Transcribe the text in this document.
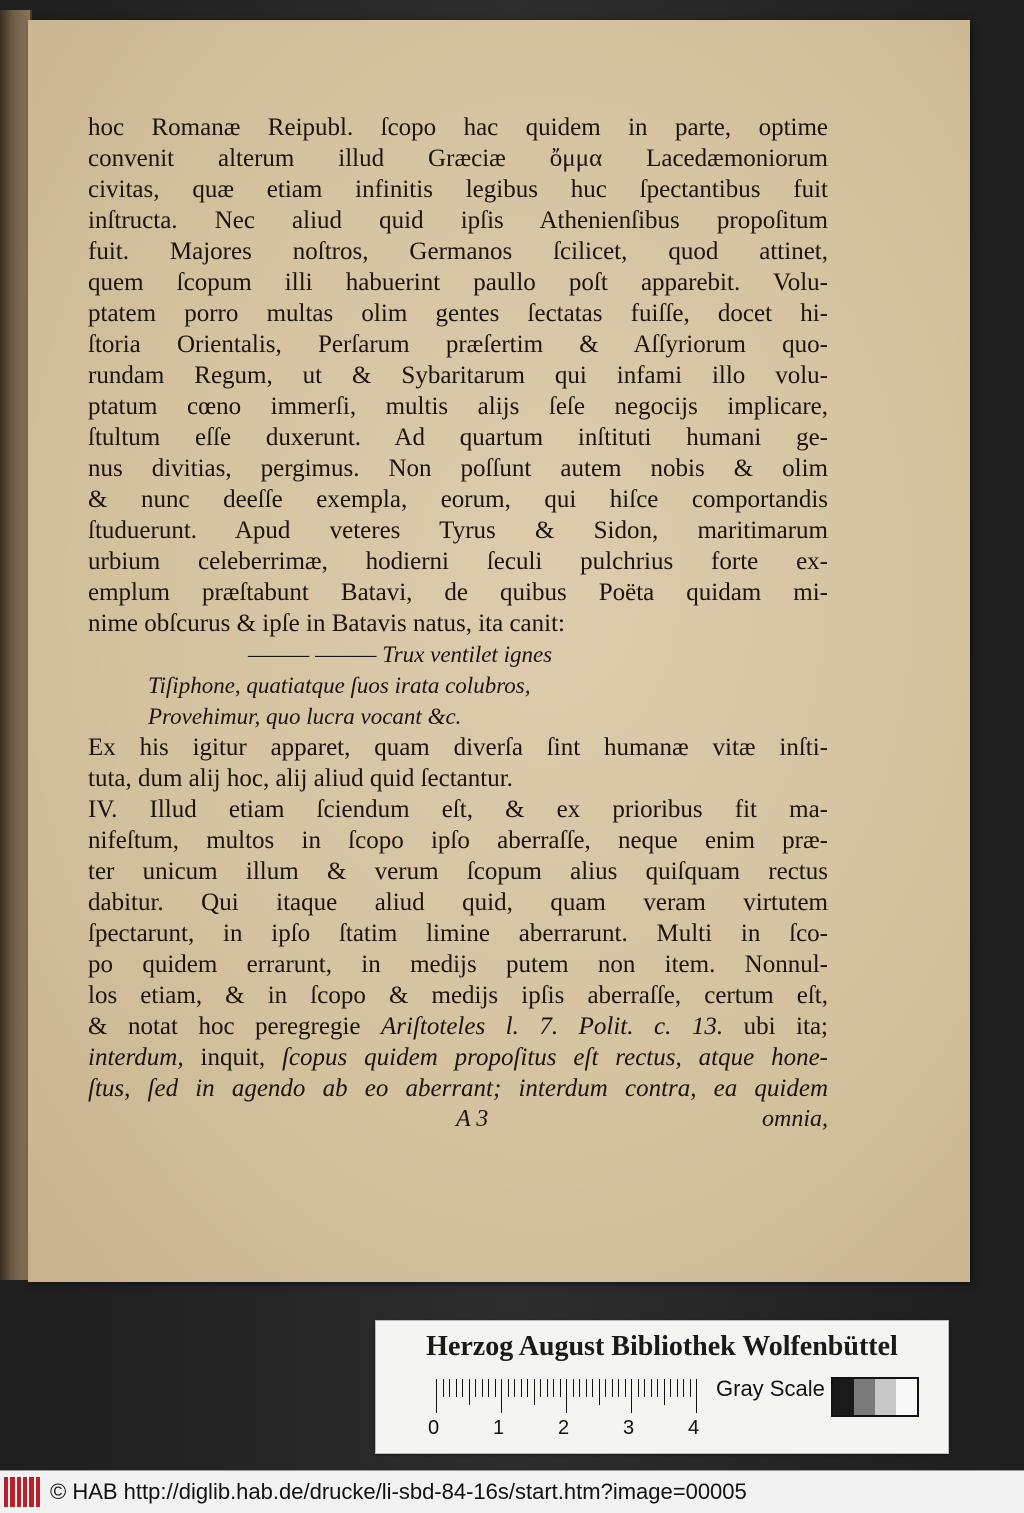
hoc Romanæ Reipubl. ſcopo hac quidem in parte, optime
convenit alterum illud Græciæ ὄμμα Lacedæmoniorum
civitas, quæ etiam infinitis legibus huc ſpectantibus fuit
inſtructa. Nec aliud quid ipſis Athenienſibus propoſitum
fuit. Majores noſtros, Germanos ſcilicet, quod attinet,
quem ſcopum illi habuerint paullo poſt apparebit. Volu-
ptatem porro multas olim gentes ſectatas fuiſſe, docet hi-
ſtoria Orientalis, Perſarum præſertim & Aſſyriorum quo-
rundam Regum, ut & Sybaritarum qui infami illo volu-
ptatum cœno immerſi, multis alijs ſeſe negocijs implicare,
ſtultum eſſe duxerunt. Ad quartum inſtituti humani ge-
nus divitias, pergimus. Non poſſunt autem nobis & olim
& nunc deeſſe exempla, eorum, qui hiſce comportandis
ſtuduerunt. Apud veteres Tyrus & Sidon, maritimarum
urbium celeberrimæ, hodierni ſeculi pulchrius forte ex-
emplum præſtabunt Batavi, de quibus Poëta quidam mi-
nime obſcurus & ipſe in Batavis natus, ita canit:
——— ——— Trux ventilet ignes
Tiſiphone, quatiatque ſuos irata colubros,
Provehimur, quo lucra vocant &c.
Ex his igitur apparet, quam diverſa ſint humanæ vitæ inſti-
tuta, dum alij hoc, alij aliud quid ſectantur.
IV. Illud etiam ſciendum eſt, & ex prioribus fit ma-
nifeſtum, multos in ſcopo ipſo aberraſſe, neque enim præ-
ter unicum illum & verum ſcopum alius quiſquam rectus
dabitur. Qui itaque aliud quid, quam veram virtutem
ſpectarunt, in ipſo ſtatim limine aberrarunt. Multi in ſco-
po quidem errarunt, in medijs putem non item. Nonnul-
los etiam, & in ſcopo & medijs ipſis aberraſſe, certum eſt,
& notat hoc peregregie Ariſtoteles l. 7. Polit. c. 13. ubi ita;
interdum, inquit, ſcopus quidem propoſitus eſt rectus, atque hone-
ſtus, ſed in agendo ab eo aberrant; interdum contra, ea quidem
A 3	omnia,
Herzog August Bibliothek Wolfenbüttel
0	1	2	3	4
Gray Scale
© HAB http://diglib.hab.de/drucke/li-sbd-84-16s/start.htm?image=00005
